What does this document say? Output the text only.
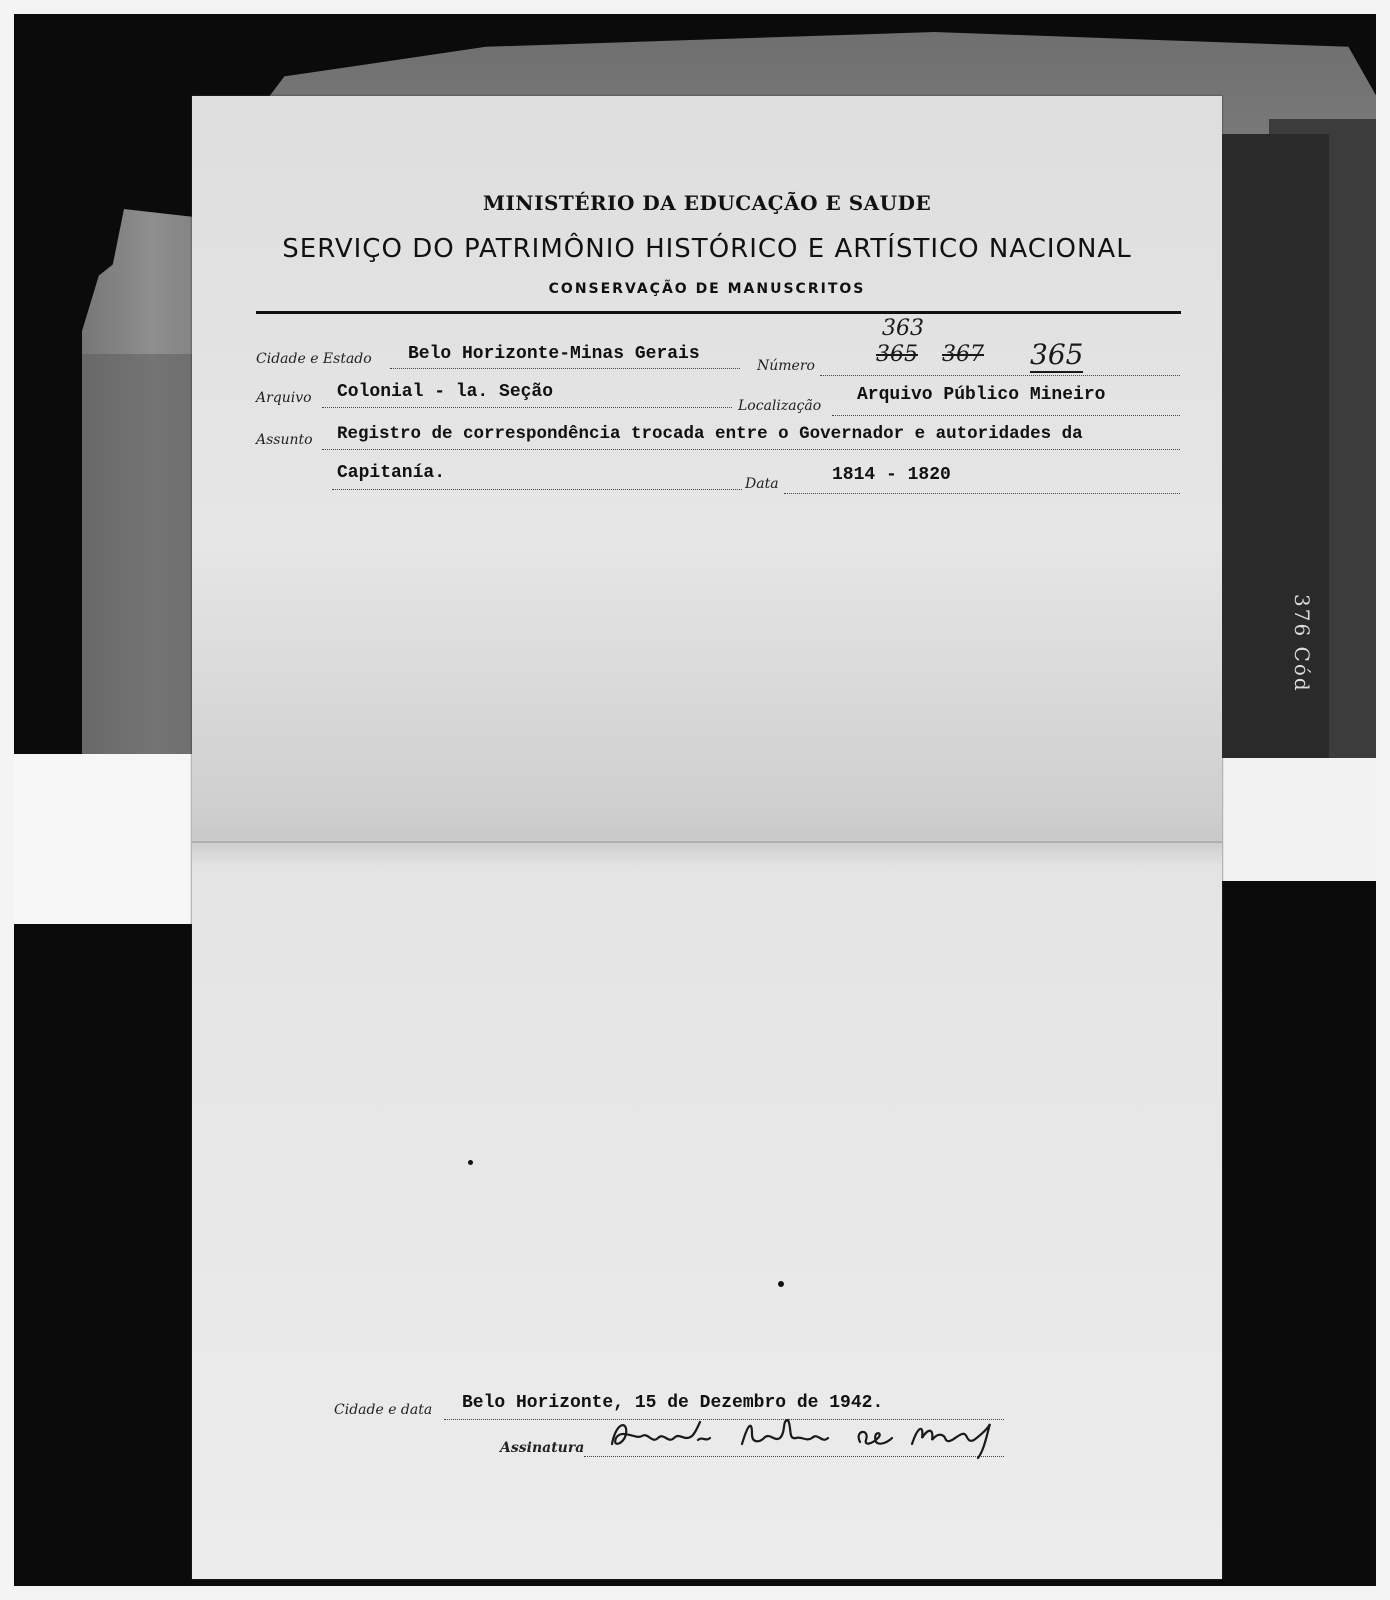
376 Cód
MINISTÉRIO DA EDUCAÇÃO E SAUDE
SERVIÇO DO PATRIMÔNIO HISTÓRICO E ARTÍSTICO NACIONAL
CONSERVAÇÃO DE MANUSCRITOS
Cidade e Estado Belo Horizonte-Minas Gerais
Número
363
365 367 365
Arquivo Colonial - la. Seção
Localização
Arquivo Público Mineiro
Assunto Registro de correspondência trocada entre o Governador e autoridades da
Capitanía.
Data	1814 - 1820
Cidade e data Belo Horizonte, 15 de Dezembro de 1942.
Assinatura
